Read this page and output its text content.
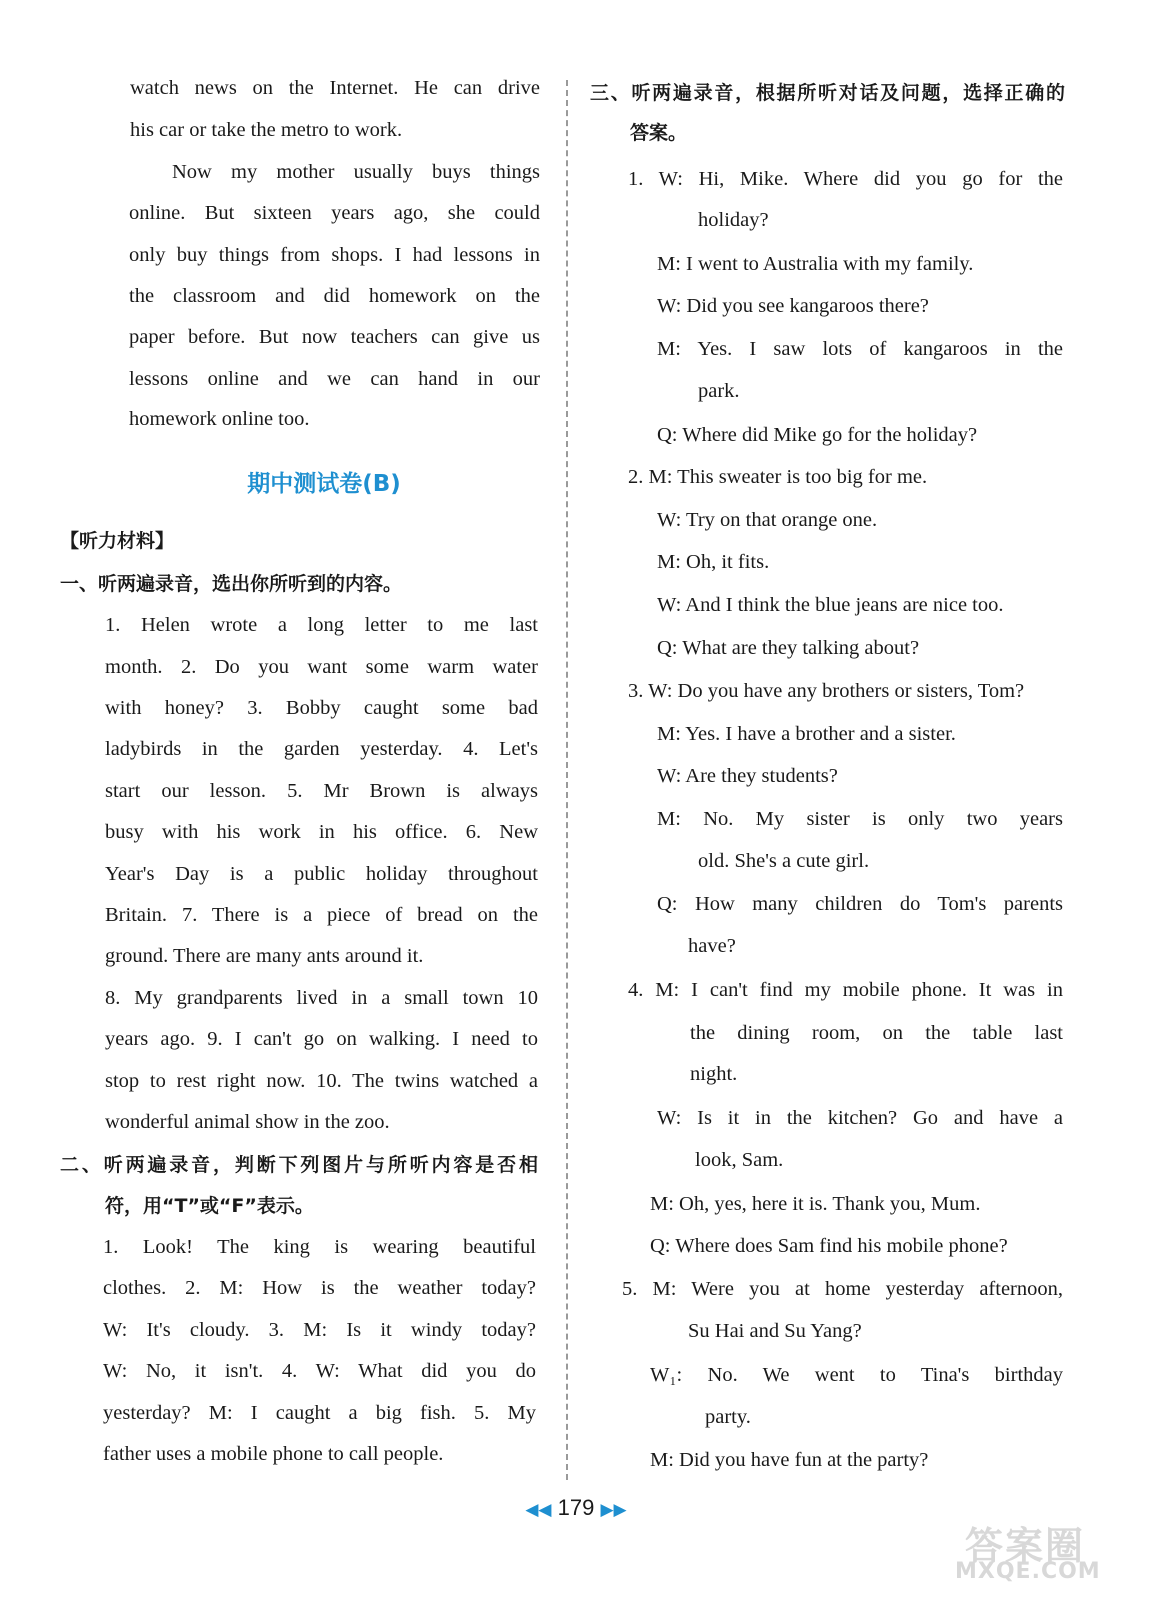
watch news on the Internet. He can drive
his car or take the metro to work.
Now my mother usually buys things
online. But sixteen years ago, she could
only buy things from shops. I had lessons in
the classroom and did homework on the
paper before. But now teachers can give us
lessons online and we can hand in our
homework online too.
【听力材料】
一、听两遍录音，选出你所听到的内容。
1. Helen wrote a long letter to me last
month. 2. Do you want some warm water
with honey? 3. Bobby caught some bad
ladybirds in the garden yesterday. 4. Let's
start our lesson. 5. Mr Brown is always
busy with his work in his office. 6. New
Year's Day is a public holiday throughout
Britain. 7. There is a piece of bread on the
ground. There are many ants around it.
8. My grandparents lived in a small town 10
years ago. 9. I can't go on walking. I need to
stop to rest right now. 10. The twins watched a
wonderful animal show in the zoo.
二、听两遍录音，判断下列图片与所听内容是否相
符，用“T”或“F”表示。
1. Look! The king is wearing beautiful
clothes. 2. M: How is the weather today?
W: It's cloudy. 3. M: Is it windy today?
W: No, it isn't. 4. W: What did you do
yesterday? M: I caught a big fish. 5. My
father uses a mobile phone to call people.
三、听两遍录音，根据所听对话及问题，选择正确的
答案。
1. W: Hi, Mike. Where did you go for the
holiday?
M: I went to Australia with my family.
W: Did you see kangaroos there?
M: Yes. I saw lots of kangaroos in the
park.
Q: Where did Mike go for the holiday?
2. M: This sweater is too big for me.
W: Try on that orange one.
M: Oh, it fits.
W: And I think the blue jeans are nice too.
Q: What are they talking about?
3. W: Do you have any brothers or sisters, Tom?
M: Yes. I have a brother and a sister.
W: Are they students?
M: No. My sister is only two years
old. She's a cute girl.
Q: How many children do Tom's parents
have?
4. M: I can't find my mobile phone. It was in
the dining room, on the table last
night.
W: Is it in the kitchen? Go and have a
look, Sam.
M: Oh, yes, here it is. Thank you, Mum.
Q: Where does Sam find his mobile phone?
5. M: Were you at home yesterday afternoon,
Su Hai and Su Yang?
W₁: No. We went to Tina's birthday
party.
M: Did you have fun at the party?
期中测试卷(B)
◀◀ 179 ▶▶
答案圈
MXQE.COM
